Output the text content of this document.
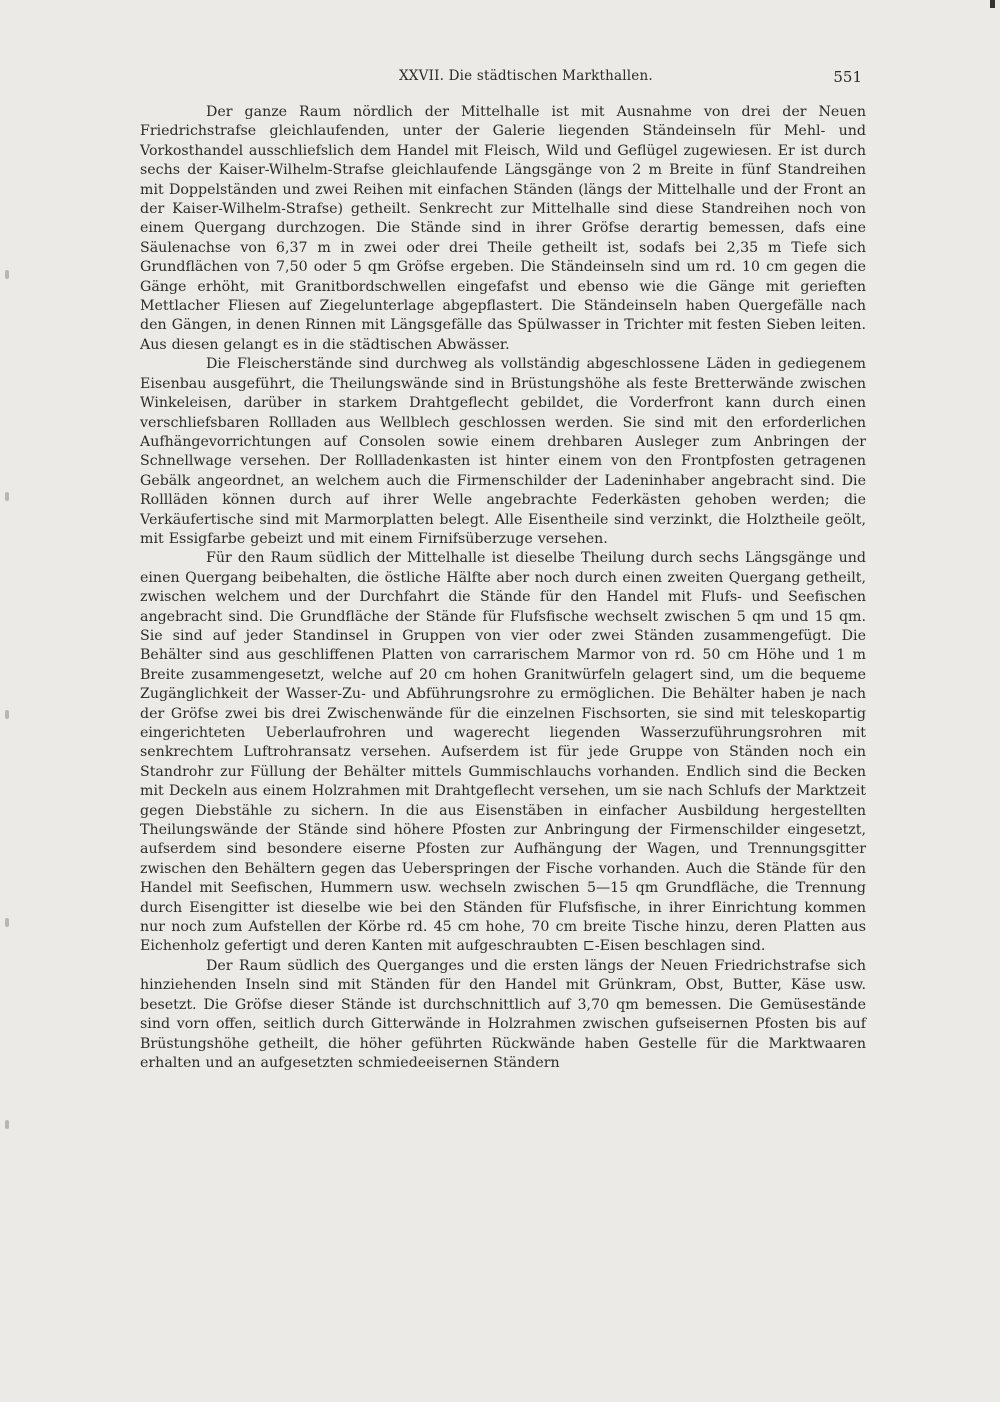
XXVII. Die städtischen Markthallen.	551

Der ganze Raum nördlich der Mittelhalle ist mit Ausnahme von drei der Neuen Friedrichstrafse gleichlaufenden, unter der Galerie liegenden Ständeinseln für Mehl- und Vorkosthandel ausschliefslich dem Handel mit Fleisch, Wild und Geflügel zugewiesen. Er ist durch sechs der Kaiser-Wilhelm-Strafse gleichlaufende Längsgänge von 2 m Breite in fünf Standreihen mit Doppelständen und zwei Reihen mit einfachen Ständen (längs der Mittelhalle und der Front an der Kaiser-Wilhelm-Strafse) getheilt. Senkrecht zur Mittelhalle sind diese Standreihen noch von einem Quergang durchzogen. Die Stände sind in ihrer Gröfse derartig bemessen, dafs eine Säulenachse von 6,37 m in zwei oder drei Theile getheilt ist, sodafs bei 2,35 m Tiefe sich Grundflächen von 7,50 oder 5 qm Gröfse ergeben. Die Ständeinseln sind um rd. 10 cm gegen die Gänge erhöht, mit Granitbordschwellen eingefafst und ebenso wie die Gänge mit gerieften Mettlacher Fliesen auf Ziegelunterlage abgepflastert. Die Ständeinseln haben Quergefälle nach den Gängen, in denen Rinnen mit Längsgefälle das Spülwasser in Trichter mit festen Sieben leiten. Aus diesen gelangt es in die städtischen Abwässer.

Die Fleischerstände sind durchweg als vollständig abgeschlossene Läden in gediegenem Eisenbau ausgeführt, die Theilungswände sind in Brüstungshöhe als feste Bretterwände zwischen Winkeleisen, darüber in starkem Drahtgeflecht gebildet, die Vorderfront kann durch einen verschliefsbaren Rollladen aus Wellblech geschlossen werden. Sie sind mit den erforderlichen Aufhängevorrichtungen auf Consolen sowie einem drehbaren Ausleger zum Anbringen der Schnellwage versehen. Der Rollladenkasten ist hinter einem von den Frontpfosten getragenen Gebälk angeordnet, an welchem auch die Firmenschilder der Ladeninhaber angebracht sind. Die Rollläden können durch auf ihrer Welle angebrachte Federkästen gehoben werden; die Verkäufertische sind mit Marmorplatten belegt. Alle Eisentheile sind verzinkt, die Holztheile geölt, mit Essigfarbe gebeizt und mit einem Firnifsüberzuge versehen.

Für den Raum südlich der Mittelhalle ist dieselbe Theilung durch sechs Längsgänge und einen Quergang beibehalten, die östliche Hälfte aber noch durch einen zweiten Quergang getheilt, zwischen welchem und der Durchfahrt die Stände für den Handel mit Flufs- und Seefischen angebracht sind. Die Grundfläche der Stände für Flufsfische wechselt zwischen 5 qm und 15 qm. Sie sind auf jeder Standinsel in Gruppen von vier oder zwei Ständen zusammengefügt. Die Behälter sind aus geschliffenen Platten von carrarischem Marmor von rd. 50 cm Höhe und 1 m Breite zusammengesetzt, welche auf 20 cm hohen Granitwürfeln gelagert sind, um die bequeme Zugänglichkeit der Wasser-Zu- und Abführungsrohre zu ermöglichen. Die Behälter haben je nach der Gröfse zwei bis drei Zwischenwände für die einzelnen Fischsorten, sie sind mit teleskopartig eingerichteten Ueberlaufrohren und wagerecht liegenden Wasserzuführungsrohren mit senkrechtem Luftrohransatz versehen. Aufserdem ist für jede Gruppe von Ständen noch ein Standrohr zur Füllung der Behälter mittels Gummischlauchs vorhanden. Endlich sind die Becken mit Deckeln aus einem Holzrahmen mit Drahtgeflecht versehen, um sie nach Schlufs der Marktzeit gegen Diebstähle zu sichern. In die aus Eisenstäben in einfacher Ausbildung hergestellten Theilungswände der Stände sind höhere Pfosten zur Anbringung der Firmenschilder eingesetzt, aufserdem sind besondere eiserne Pfosten zur Aufhängung der Wagen, und Trennungsgitter zwischen den Behältern gegen das Ueberspringen der Fische vorhanden. Auch die Stände für den Handel mit Seefischen, Hummern usw. wechseln zwischen 5—15 qm Grundfläche, die Trennung durch Eisengitter ist dieselbe wie bei den Ständen für Flufsfische, in ihrer Einrichtung kommen nur noch zum Aufstellen der Körbe rd. 45 cm hohe, 70 cm breite Tische hinzu, deren Platten aus Eichenholz gefertigt und deren Kanten mit aufgeschraubten ⊏-Eisen beschlagen sind.

Der Raum südlich des Querganges und die ersten längs der Neuen Friedrichstrafse sich hinziehenden Inseln sind mit Ständen für den Handel mit Grünkram, Obst, Butter, Käse usw. besetzt. Die Gröfse dieser Stände ist durchschnittlich auf 3,70 qm bemessen. Die Gemüsestände sind vorn offen, seitlich durch Gitterwände in Holzrahmen zwischen gufseisernen Pfosten bis auf Brüstungshöhe getheilt, die höher geführten Rückwände haben Gestelle für die Marktwaaren erhalten und an aufgesetzten schmiedeeisernen Ständern
